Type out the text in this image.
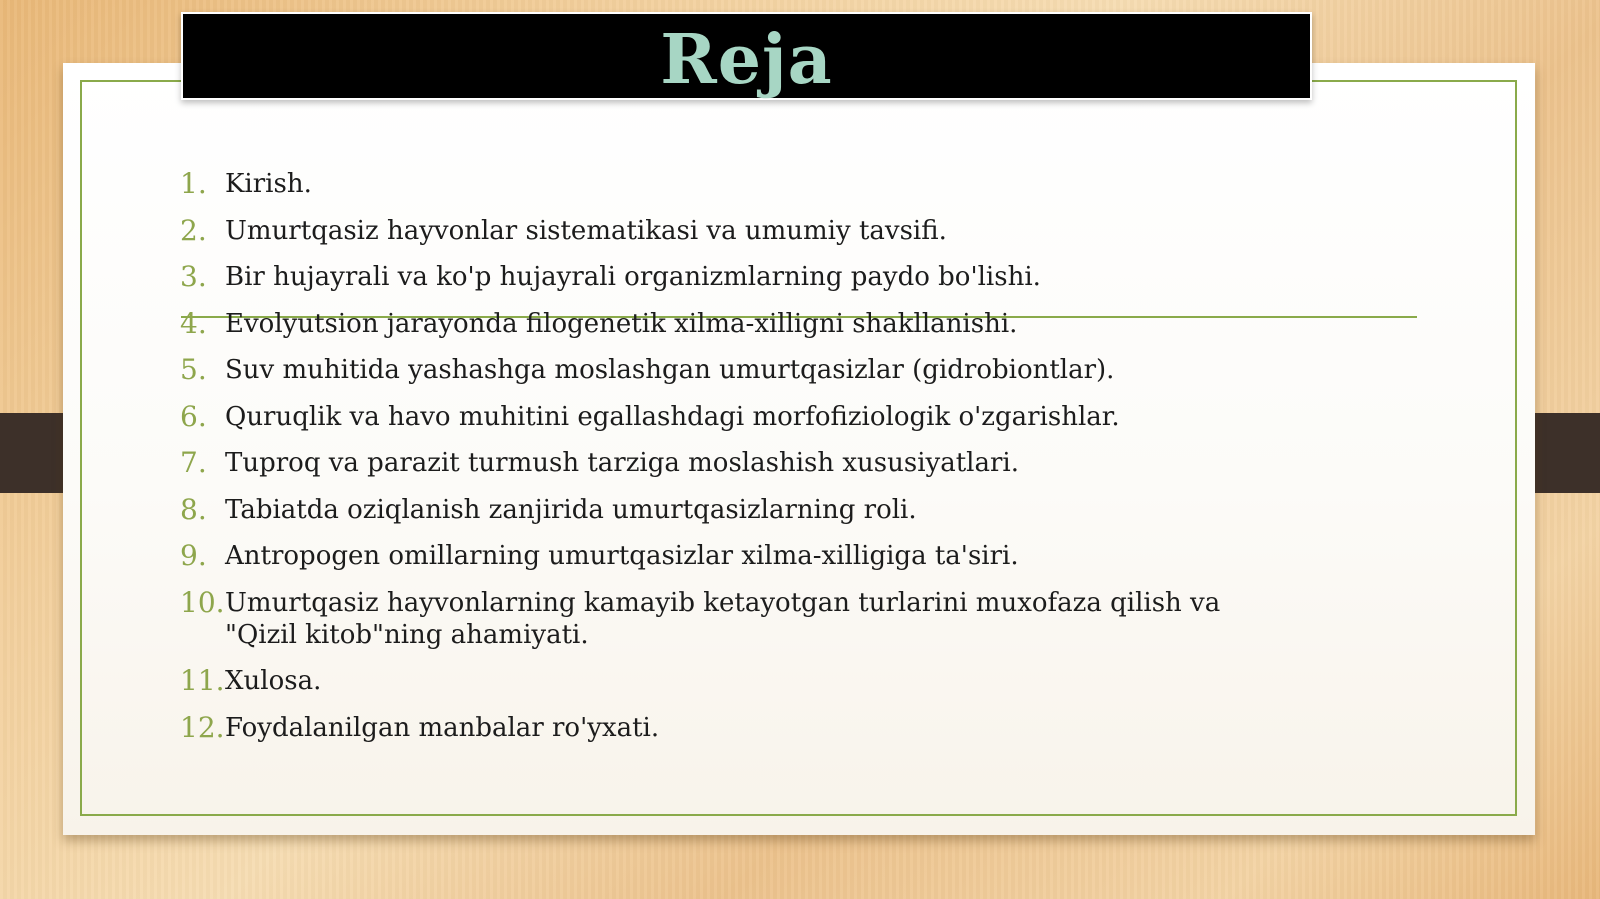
Reja
1. Kirish.
2. Umurtqasiz hayvonlar sistematikasi va umumiy tavsifi.
3. Bir hujayrali va ko'p hujayrali organizmlarning paydo bo'lishi.
4. Evolyutsion jarayonda filogenetik xilma-xilligni shakllanishi.
5. Suv muhitida yashashga moslashgan umurtqasizlar (gidrobiontlar).
6. Quruqlik va havo muhitini egallashdagi morfofiziologik o'zgarishlar.
7. Tuproq va parazit turmush tarziga moslashish xususiyatlari.
8. Tabiatda oziqlanish zanjirida umurtqasizlarning roli.
9. Antropogen omillarning umurtqasizlar xilma-xilligiga ta'siri.
10. Umurtqasiz hayvonlarning kamayib ketayotgan turlarini muxofaza qilish va "Qizil kitob"ning ahamiyati.
11. Xulosa.
12. Foydalanilgan manbalar ro'yxati.
